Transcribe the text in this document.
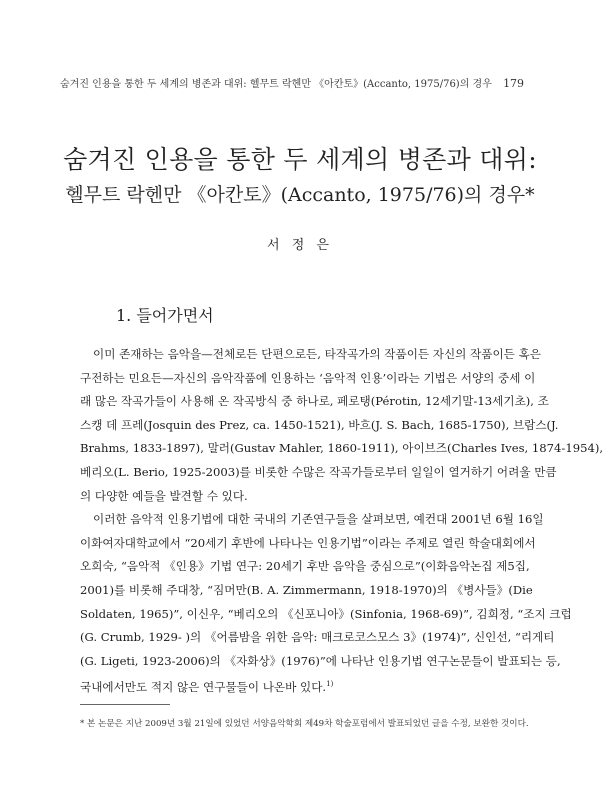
숨겨진 인용을 통한 두 세계의 병존과 대위: 헬무트 락헨만 《아칸토》(Accanto, 1975/76)의 경우 179
숨겨진 인용을 통한 두 세계의 병존과 대위:
헬무트 락헨만 《아칸토》(Accanto, 1975/76)의 경우*
서 정 은
1. 들어가면서
이미 존재하는 음악을—전체로든 단편으로든, 타작곡가의 작품이든 자신의 작품이든 혹은
구전하는 민요든—자신의 음악작품에 인용하는 ‘음악적 인용’이라는 기법은 서양의 중세 이
래 많은 작곡가들이 사용해 온 작곡방식 중 하나로, 페로탱(Pérotin, 12세기말-13세기초), 조
스캥 데 프레(Josquin des Prez, ca. 1450-1521), 바흐(J. S. Bach, 1685-1750), 브람스(J.
Brahms, 1833-1897), 말러(Gustav Mahler, 1860-1911), 아이브즈(Charles Ives, 1874-1954),
베리오(L. Berio, 1925-2003)를 비롯한 수많은 작곡가들로부터 일일이 열거하기 어려울 만큼
의 다양한 예들을 발견할 수 있다.
이러한 음악적 인용기법에 대한 국내의 기존연구들을 살펴보면, 예컨대 2001년 6월 16일
이화여자대학교에서 “20세기 후반에 나타나는 인용기법”이라는 주제로 열린 학술대회에서
오희숙, “음악적 《인용》기법 연구: 20세기 후반 음악을 중심으로”(이화음악논집 제5집,
2001)를 비롯해 주대창, “짐머만(B. A. Zimmermann, 1918-1970)의 《병사들》(Die
Soldaten, 1965)”, 이신우, “베리오의 《신포니아》(Sinfonia, 1968-69)”, 김희정, “조지 크럽
(G. Crumb, 1929- )의 《어름밤을 위한 음악: 매크로코스모스 3》(1974)”, 신인선, “리게티
(G. Ligeti, 1923-2006)의 《자화상》(1976)”에 나타난 인용기법 연구논문들이 발표되는 등,
국내에서만도 적지 않은 연구물들이 나온바 있다.$^{1)}$
* 본 논문은 지난 2009년 3월 21일에 있었던 서양음악학회 제49차 학술포럼에서 발표되었던 글을 수정, 보완한 것이다.
